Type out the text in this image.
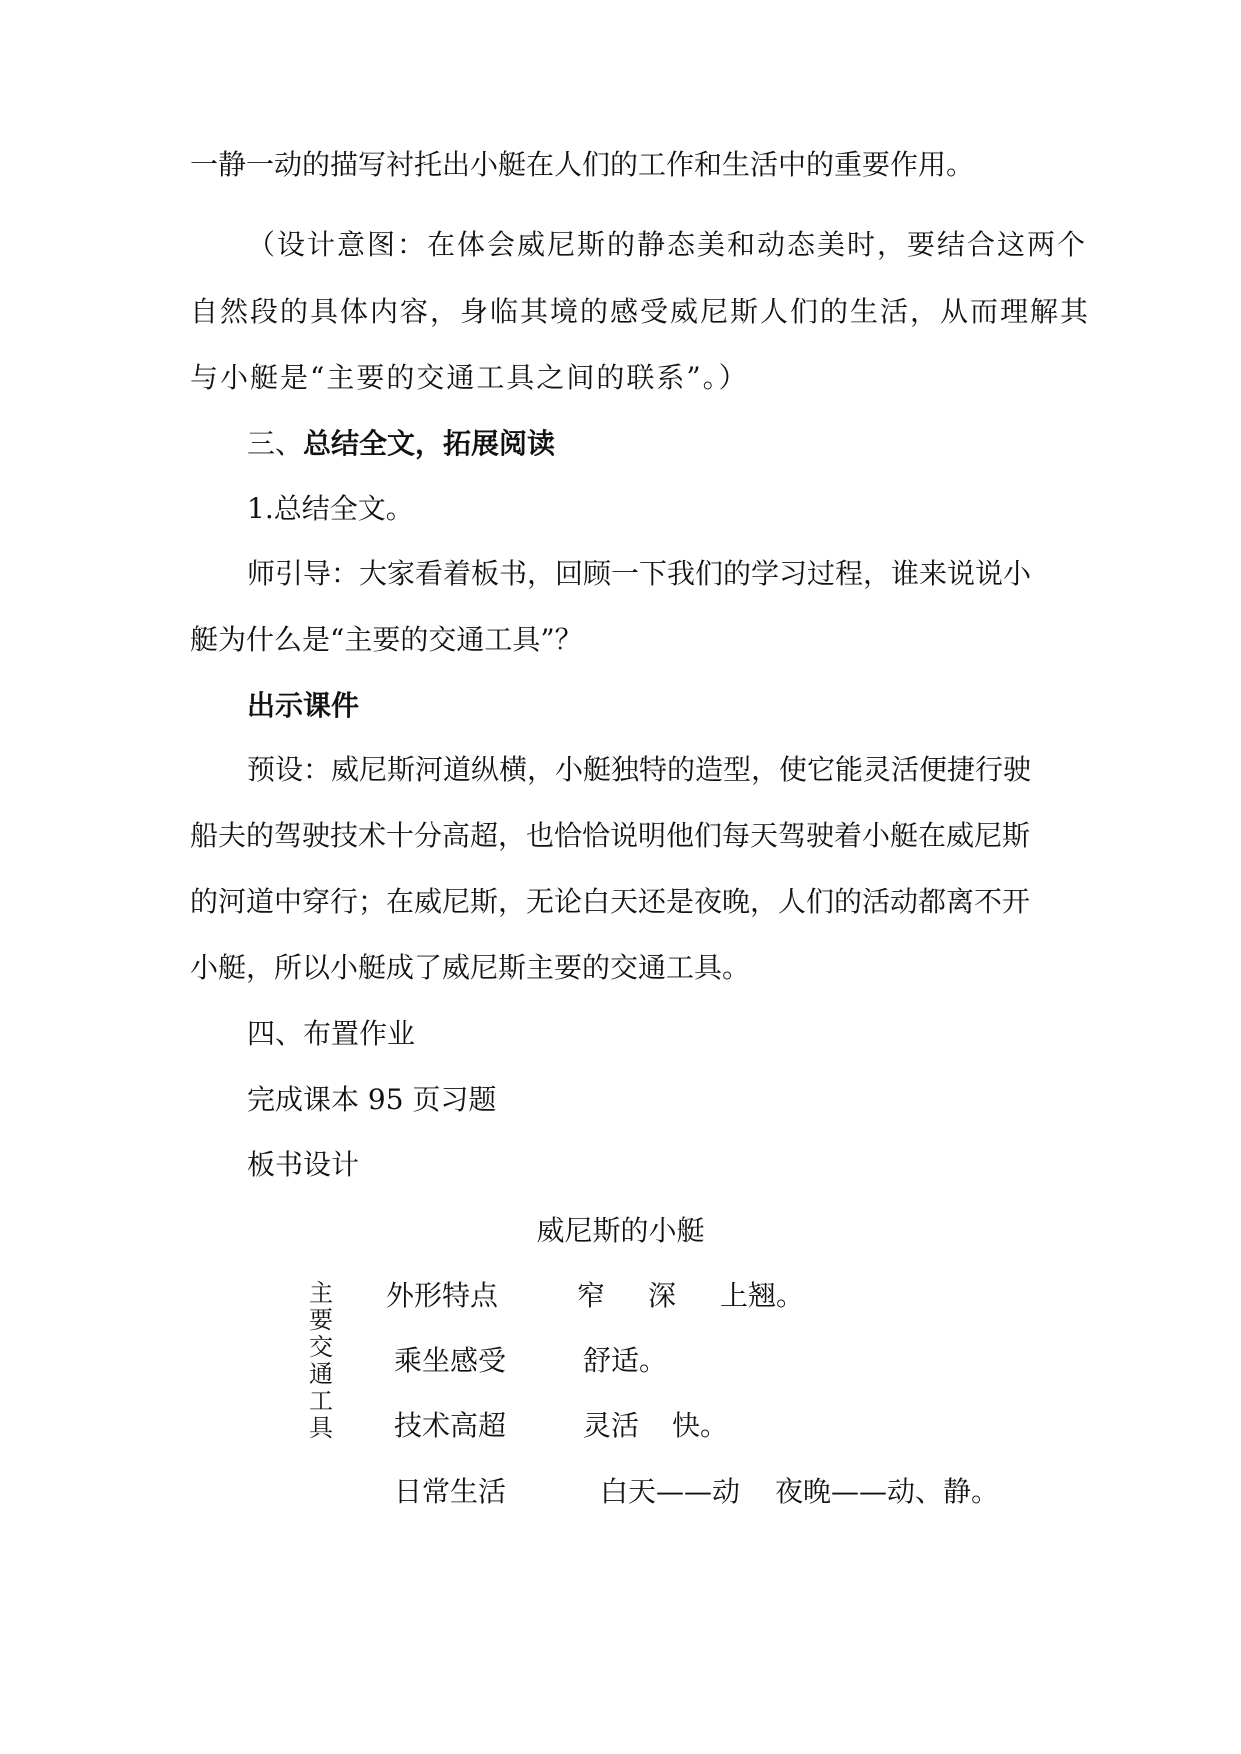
一静一动的描写衬托出小艇在人们的工作和生活中的重要作用。
（设计意图：在体会威尼斯的静态美和动态美时，要结合这两个
自然段的具体内容，身临其境的感受威尼斯人们的生活，从而理解其
与小艇是“主要的交通工具之间的联系”。）
三、总结全文，拓展阅读
1.总结全文。
师引导：大家看着板书，回顾一下我们的学习过程，谁来说说小
艇为什么是“主要的交通工具”？
出示课件
预设：威尼斯河道纵横，小艇独特的造型，使它能灵活便捷行驶
船夫的驾驶技术十分高超，也恰恰说明他们每天驾驶着小艇在威尼斯
的河道中穿行；在威尼斯，无论白天还是夜晚，人们的活动都离不开
小艇，所以小艇成了威尼斯主要的交通工具。
四、布置作业
完成课本 95 页习题
板书设计
威尼斯的小艇
主
要
交
通
工
具
外形特点	窄 深 上翘。
乘坐感受	舒适。
技术高超	灵活 快。
日常生活	白天——动 夜晚——动、静。
